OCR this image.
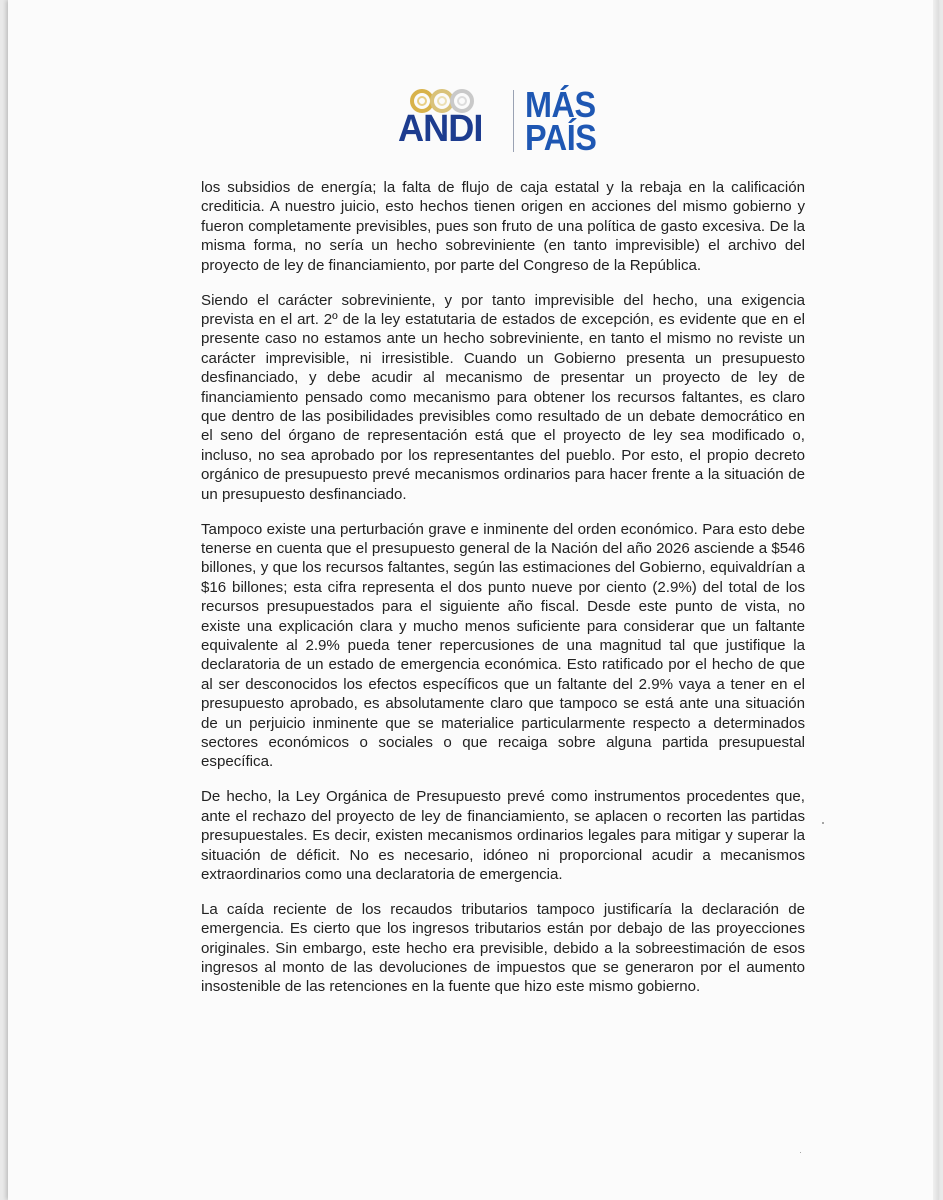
ANDI
MÁS
PAÍS

los subsidios de energía; la falta de flujo de caja estatal y la rebaja en la calificación crediticia. A nuestro juicio, esto hechos tienen origen en acciones del mismo gobierno y fueron completamente previsibles, pues son fruto de una política de gasto excesiva. De la misma forma, no sería un hecho sobreviniente (en tanto imprevisible) el archivo del proyecto de ley de financiamiento, por parte del Congreso de la República.

Siendo el carácter sobreviniente, y por tanto imprevisible del hecho, una exigencia prevista en el art. 2º de la ley estatutaria de estados de excepción, es evidente que en el presente caso no estamos ante un hecho sobreviniente, en tanto el mismo no reviste un carácter imprevisible, ni irresistible. Cuando un Gobierno presenta un presupuesto desfinanciado, y debe acudir al mecanismo de presentar un proyecto de ley de financiamiento pensado como mecanismo para obtener los recursos faltantes, es claro que dentro de las posibilidades previsibles como resultado de un debate democrático en el seno del órgano de representación está que el proyecto de ley sea modificado o, incluso, no sea aprobado por los representantes del pueblo. Por esto, el propio decreto orgánico de presupuesto prevé mecanismos ordinarios para hacer frente a la situación de un presupuesto desfinanciado.

Tampoco existe una perturbación grave e inminente del orden económico. Para esto debe tenerse en cuenta que el presupuesto general de la Nación del año 2026 asciende a $546 billones, y que los recursos faltantes, según las estimaciones del Gobierno, equivaldrían a $16 billones; esta cifra representa el dos punto nueve por ciento (2.9%) del total de los recursos presupuestados para el siguiente año fiscal. Desde este punto de vista, no existe una explicación clara y mucho menos suficiente para considerar que un faltante equivalente al 2.9% pueda tener repercusiones de una magnitud tal que justifique la declaratoria de un estado de emergencia económica. Esto ratificado por el hecho de que al ser desconocidos los efectos específicos que un faltante del 2.9% vaya a tener en el presupuesto aprobado, es absolutamente claro que tampoco se está ante una situación de un perjuicio inminente que se materialice particularmente respecto a determinados sectores económicos o sociales o que recaiga sobre alguna partida presupuestal específica.

De hecho, la Ley Orgánica de Presupuesto prevé como instrumentos procedentes que, ante el rechazo del proyecto de ley de financiamiento, se aplacen o recorten las partidas presupuestales. Es decir, existen mecanismos ordinarios legales para mitigar y superar la situación de déficit. No es necesario, idóneo ni proporcional acudir a mecanismos extraordinarios como una declaratoria de emergencia.

La caída reciente de los recaudos tributarios tampoco justificaría la declaración de emergencia. Es cierto que los ingresos tributarios están por debajo de las proyecciones originales. Sin embargo, este hecho era previsible, debido a la sobreestimación de esos ingresos al monto de las devoluciones de impuestos que se generaron por el aumento insostenible de las retenciones en la fuente que hizo este mismo gobierno.
